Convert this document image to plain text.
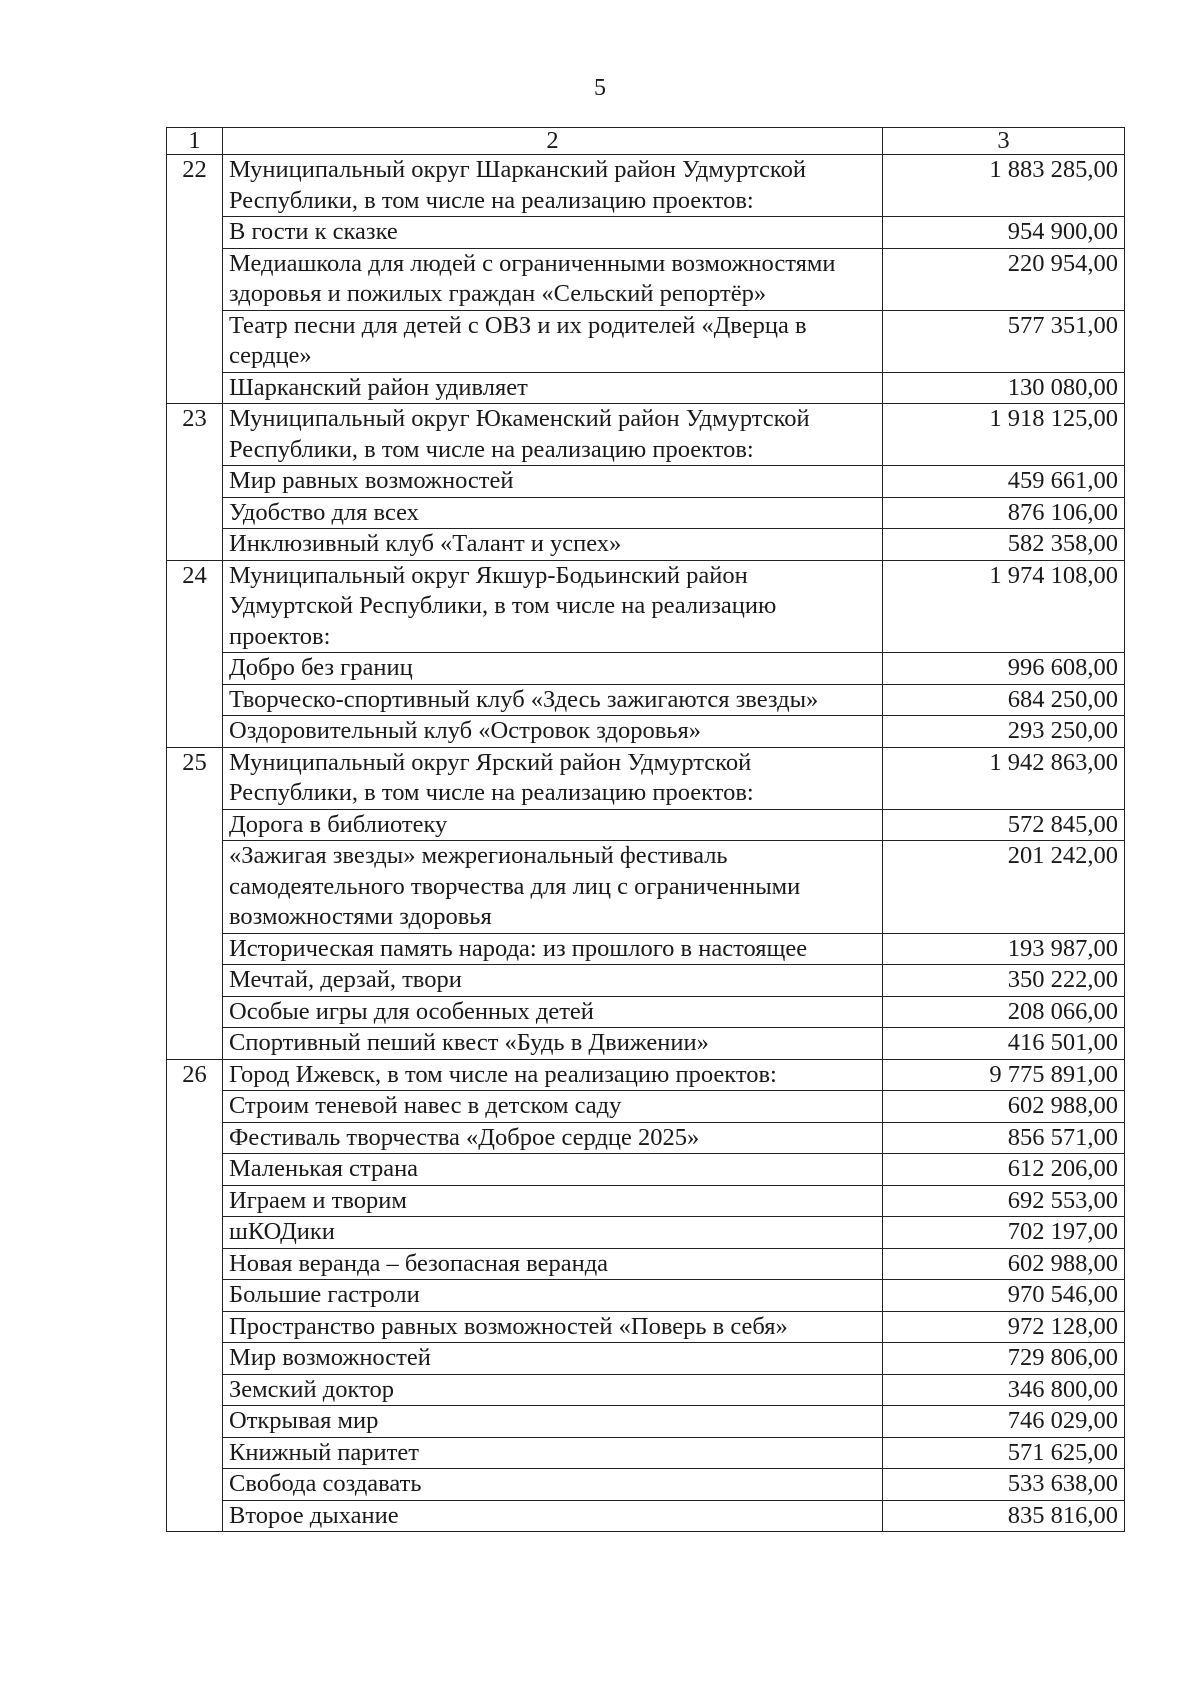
5
1	2	3
22	Муниципальный округ Шарканский район Удмуртской Республики, в том числе на реализацию проектов:	1 883 285,00
	В гости к сказке	954 900,00
	Медиашкола для людей с ограниченными возможностями здоровья и пожилых граждан «Сельский репортёр»	220 954,00
	Театр песни для детей с ОВЗ и их родителей «Дверца в сердце»	577 351,00
	Шарканский район удивляет	130 080,00
23	Муниципальный округ Юкаменский район Удмуртской Республики, в том числе на реализацию проектов:	1 918 125,00
	Мир равных возможностей	459 661,00
	Удобство для всех	876 106,00
	Инклюзивный клуб «Талант и успех»	582 358,00
24	Муниципальный округ Якшур-Бодьинский район Удмуртской Республики, в том числе на реализацию проектов:	1 974 108,00
	Добро без границ	996 608,00
	Творческо-спортивный клуб «Здесь зажигаются звезды»	684 250,00
	Оздоровительный клуб «Островок здоровья»	293 250,00
25	Муниципальный округ Ярский район Удмуртской Республики, в том числе на реализацию проектов:	1 942 863,00
	Дорога в библиотеку	572 845,00
	«Зажигая звезды» межрегиональный фестиваль самодеятельного творчества для лиц с ограниченными возможностями здоровья	201 242,00
	Историческая память народа: из прошлого в настоящее	193 987,00
	Мечтай, дерзай, твори	350 222,00
	Особые игры для особенных детей	208 066,00
	Спортивный пеший квест «Будь в Движении»	416 501,00
26	Город Ижевск, в том числе на реализацию проектов:	9 775 891,00
	Строим теневой навес в детском саду	602 988,00
	Фестиваль творчества «Доброе сердце 2025»	856 571,00
	Маленькая страна	612 206,00
	Играем и творим	692 553,00
	шКОДики	702 197,00
	Новая веранда – безопасная веранда	602 988,00
	Большие гастроли	970 546,00
	Пространство равных возможностей «Поверь в себя»	972 128,00
	Мир возможностей	729 806,00
	Земский доктор	346 800,00
	Открывая мир	746 029,00
	Книжный паритет	571 625,00
	Свобода создавать	533 638,00
	Второе дыхание	835 816,00
